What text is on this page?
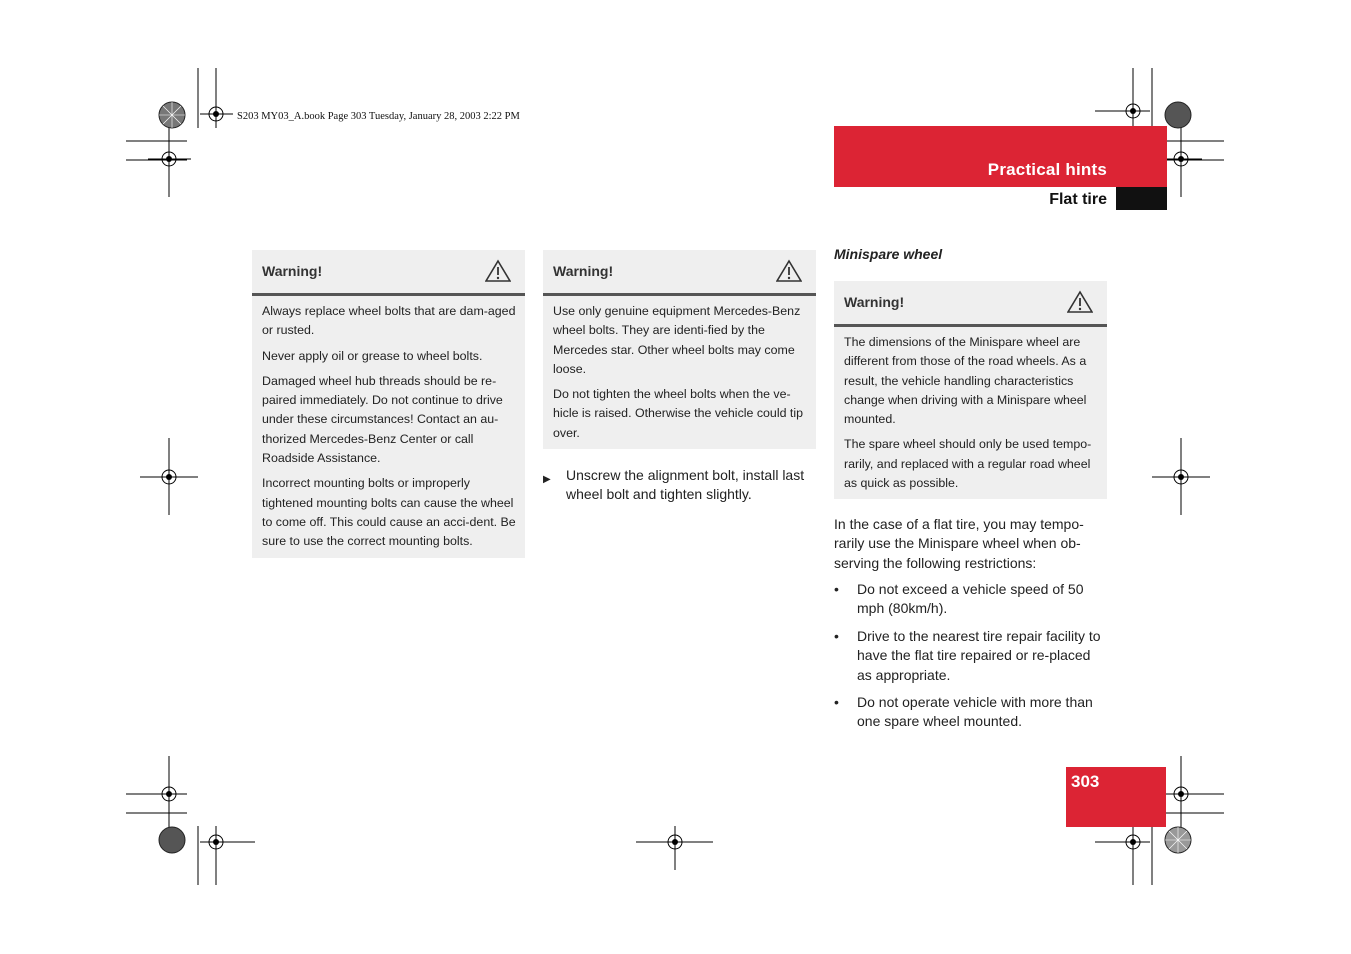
S203 MY03_A.book Page 303 Tuesday, January 28, 2003 2:22 PM
Practical hints
Flat tire
Warning!

Always replace wheel bolts that are dam-aged or rusted.

Never apply oil or grease to wheel bolts.

Damaged wheel hub threads should be re-paired immediately. Do not continue to drive under these circumstances! Contact an au-thorized Mercedes-Benz Center or call Roadside Assistance.

Incorrect mounting bolts or improperly tightened mounting bolts can cause the wheel to come off. This could cause an acci-dent. Be sure to use the correct mounting bolts.

Warning!

Use only genuine equipment Mercedes-Benz wheel bolts. They are identi-fied by the Mercedes star. Other wheel bolts may come loose.

Do not tighten the wheel bolts when the ve-hicle is raised. Otherwise the vehicle could tip over.

▶ Unscrew the alignment bolt, install last wheel bolt and tighten slightly.
Minispare wheel
Warning!

The dimensions of the Minispare wheel are different from those of the road wheels. As a result, the vehicle handling characteristics change when driving with a Minispare wheel mounted.

The spare wheel should only be used tempo-rarily, and replaced with a regular road wheel as quick as possible.

In the case of a flat tire, you may tempo-rarily use the Minispare wheel when ob-serving the following restrictions:
• Do not exceed a vehicle speed of 50 mph (80km/h).
• Drive to the nearest tire repair facility to have the flat tire repaired or re-placed as appropriate.
• Do not operate vehicle with more than one spare wheel mounted.
303
